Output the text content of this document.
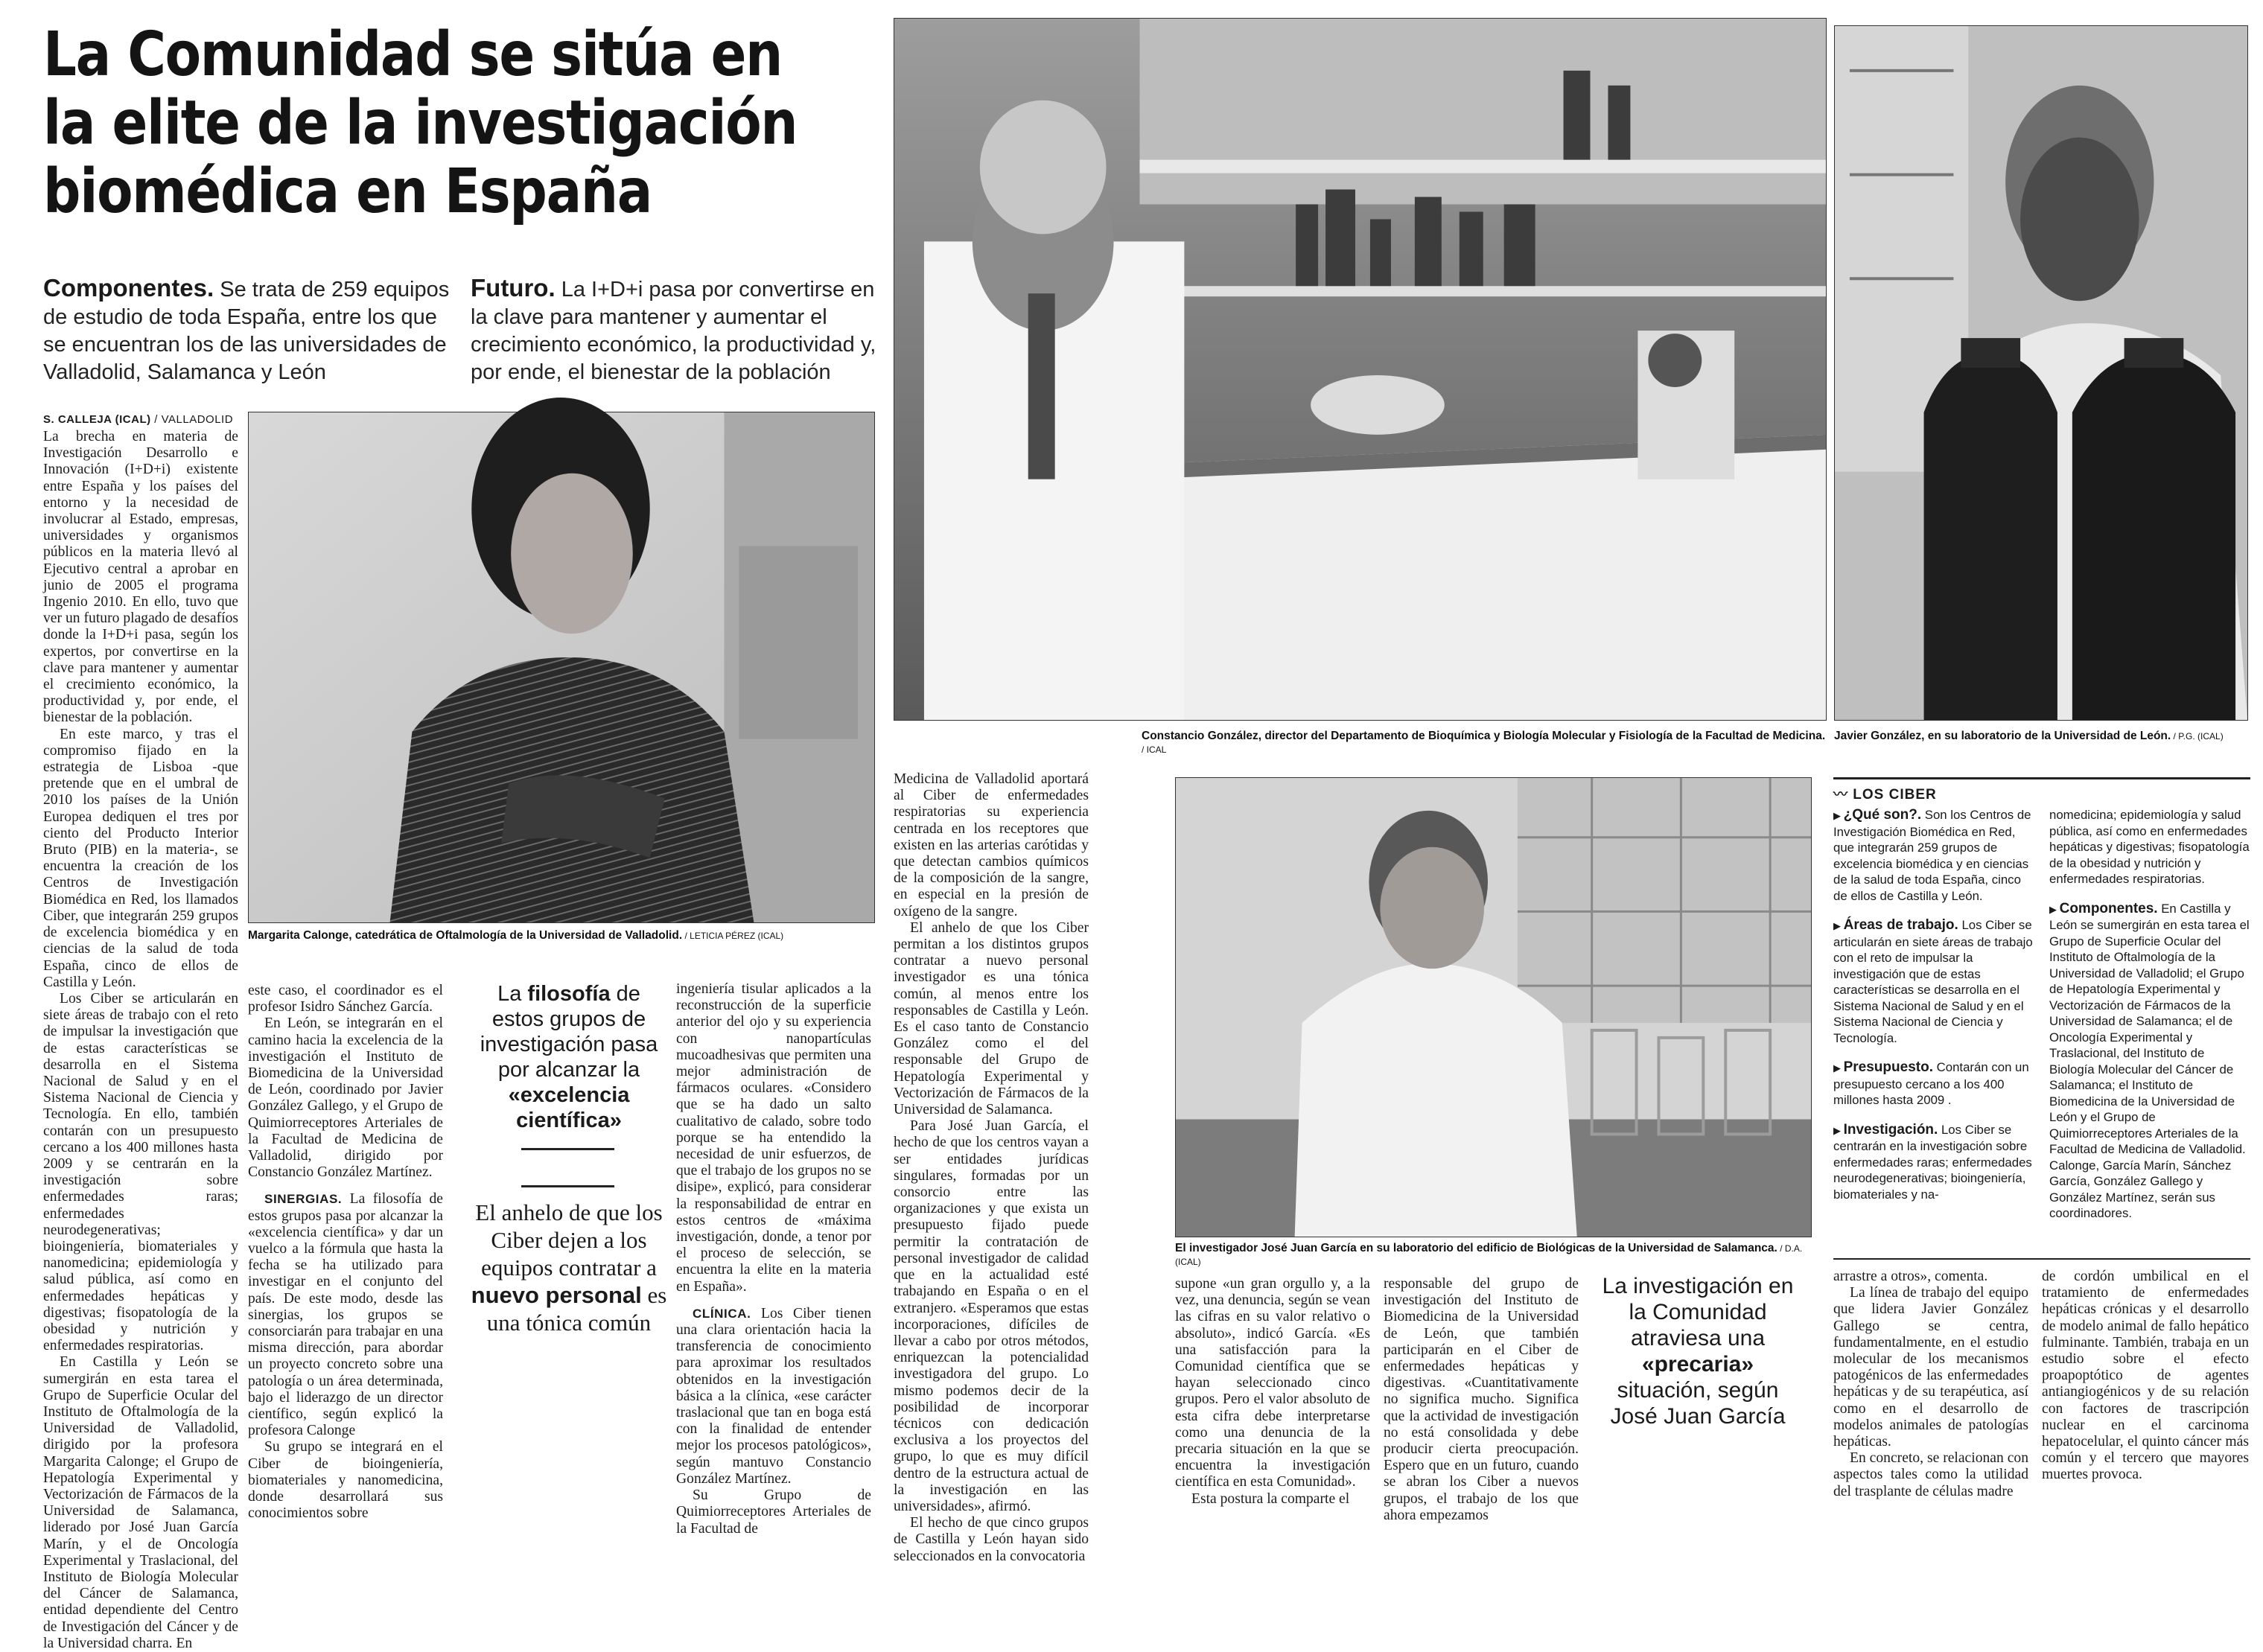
La Comunidad se sitúa en
la elite de la investigación
biomédica en España
Componentes. Se trata de 259 equipos de estudio de toda España, entre los que se encuentran los de las universidades de Valladolid, Salamanca y León
Futuro. La I+D+i pasa por convertirse en la clave para mantener y aumentar el crecimiento económico, la productividad y, por ende, el bienestar de la población
S. CALLEJA (ICAL) / VALLADOLID

La brecha en materia de Investigación Desarrollo e Innovación (I+D+i) existente entre España y los países del entorno y la necesidad de involucrar al Estado, empresas, universidades y organismos públicos en la materia llevó al Ejecutivo central a aprobar en junio de 2005 el programa Ingenio 2010. En ello, tuvo que ver un futuro plagado de desafíos donde la I+D+i pasa, según los expertos, por convertirse en la clave para mantener y aumentar el crecimiento económico, la productividad y, por ende, el bienestar de la población.

En este marco, y tras el compromiso fijado en la estrategia de Lisboa -que pretende que en el umbral de 2010 los países de la Unión Europea dediquen el tres por ciento del Producto Interior Bruto (PIB) en la materia-, se encuentra la creación de los Centros de Investigación Biomédica en Red, los llamados Ciber, que integrarán 259 grupos de excelencia biomédica y en ciencias de la salud de toda España, cinco de ellos de Castilla y León.

Los Ciber se articularán en siete áreas de trabajo con el reto de impulsar la investigación que de estas características se desarrolla en el Sistema Nacional de Salud y en el Sistema Nacional de Ciencia y Tecnología. En ello, también contarán con un presupuesto cercano a los 400 millones hasta 2009 y se centrarán en la investigación sobre enfermedades raras; enfermedades neurodegenerativas; bioingeniería, biomateriales y nanomedicina; epidemiología y salud pública, así como en enfermedades hepáticas y digestivas; fisopatología de la obesidad y nutrición y enfermedades respiratorias.

En Castilla y León se sumergirán en esta tarea el Grupo de Superficie Ocular del Instituto de Oftalmología de la Universidad de Valladolid, dirigido por la profesora Margarita Calonge; el Grupo de Hepatología Experimental y Vectorización de Fármacos de la Universidad de Salamanca, liderado por José Juan García Marín, y el de Oncología Experimental y Traslacional, del Instituto de Biología Molecular del Cáncer de Salamanca, entidad dependiente del Centro de Investigación del Cáncer y de la Universidad charra. En

Margarita Calonge, catedrática de Oftalmología de la Universidad de Valladolid. / LETICIA PÉREZ (ICAL)

este caso, el coordinador es el profesor Isidro Sánchez García.

En León, se integrarán en el camino hacia la excelencia de la investigación el Instituto de Biomedicina de la Universidad de León, coordinado por Javier González Gallego, y el Grupo de Quimiorreceptores Arteriales de la Facultad de Medicina de Valladolid, dirigido por Constancio González Martínez.

SINERGIAS. La filosofía de estos grupos pasa por alcanzar la «excelencia científica» y dar un vuelco a la fórmula que hasta la fecha se ha utilizado para investigar en el conjunto del país. De este modo, desde las sinergias, los grupos se consorciarán para trabajar en una misma dirección, para abordar un proyecto concreto sobre una patología o un área determinada, bajo el liderazgo de un director científico, según explicó la profesora Calonge

Su grupo se integrará en el Ciber de bioingeniería, biomateriales y nanomedicina, donde desarrollará sus conocimientos sobre

La filosofía de estos grupos de investigación pasa por alcanzar la «excelencia científica»
El anhelo de que los Ciber dejen a los equipos contratar a nuevo personal es una tónica común

ingeniería tisular aplicados a la reconstrucción de la superficie anterior del ojo y su experiencia con nanopartículas mucoadhesivas que permiten una mejor administración de fármacos oculares. «Considero que se ha dado un salto cualitativo de calado, sobre todo porque se ha entendido la necesidad de unir esfuerzos, de que el trabajo de los grupos no se disipe», explicó, para considerar la responsabilidad de entrar en estos centros de «máxima investigación, donde, a tenor por el proceso de selección, se encuentra la elite en la materia en España».

CLÍNICA. Los Ciber tienen una clara orientación hacia la transferencia de conocimiento para aproximar los resultados obtenidos en la investigación básica a la clínica, «ese carácter traslacional que tan en boga está con la finalidad de entender mejor los procesos patológicos», según mantuvo Constancio González Martínez.

Su Grupo de Quimiorreceptores Arteriales de la Facultad de

Constancio González, director del Departamento de Bioquímica y Biología Molecular y Fisiología de la Facultad de Medicina. / ICAL

Medicina de Valladolid aportará al Ciber de enfermedades respiratorias su experiencia centrada en los receptores que existen en las arterias carótidas y que detectan cambios químicos de la composición de la sangre, en especial en la presión de oxígeno de la sangre.

El anhelo de que los Ciber permitan a los distintos grupos contratar a nuevo personal investigador es una tónica común, al menos entre los responsables de Castilla y León. Es el caso tanto de Constancio González como el del responsable del Grupo de Hepatología Experimental y Vectorización de Fármacos de la Universidad de Salamanca.

Para José Juan García, el hecho de que los centros vayan a ser entidades jurídicas singulares, formadas por un consorcio entre las organizaciones y que exista un presupuesto fijado puede permitir la contratación de personal investigador de calidad que en la actualidad esté trabajando en España o en el extranjero. «Esperamos que estas incorporaciones, difíciles de llevar a cabo por otros métodos, enriquezcan la potencialidad investigadora del grupo. Lo mismo podemos decir de la posibilidad de incorporar técnicos con dedicación exclusiva a los proyectos del grupo, lo que es muy difícil dentro de la estructura actual de la investigación en las universidades», afirmó.

El hecho de que cinco grupos de Castilla y León hayan sido seleccionados en la convocatoria

El investigador José Juan García en su laboratorio del edificio de Biológicas de la Universidad de Salamanca. / D.A. (ICAL)

supone «un gran orgullo y, a la vez, una denuncia, según se vean las cifras en su valor relativo o absoluto», indicó García. «Es una satisfacción para la Comunidad científica que se hayan seleccionado cinco grupos. Pero el valor absoluto de esta cifra debe interpretarse como una denuncia de la precaria situación en la que se encuentra la investigación científica en esta Comunidad».

Esta postura la comparte el

responsable del grupo de investigación del Instituto de Biomedicina de la Universidad de León, que también participarán en el Ciber de enfermedades hepáticas y digestivas. «Cuantitativamente no significa mucho. Significa que la actividad de investigación no está consolidada y debe producir cierta preocupación. Espero que en un futuro, cuando se abran los Ciber a nuevos grupos, el trabajo de los que ahora empezamos

La investigación en la Comunidad atraviesa una «precaria» situación, según José Juan García
Javier González, en su laboratorio de la Universidad de León. / P.G. (ICAL)
〰 LOS CIBER

▶ ¿Qué son?. Son los Centros de Investigación Biomédica en Red, que integrarán 259 grupos de excelencia biomédica y en ciencias de la salud de toda España, cinco de ellos de Castilla y León.

▶ Áreas de trabajo. Los Ciber se articularán en siete áreas de trabajo con el reto de impulsar la investigación que de estas características se desarrolla en el Sistema Nacional de Salud y en el Sistema Nacional de Ciencia y Tecnología.

▶ Presupuesto. Contarán con un presupuesto cercano a los 400 millones hasta 2009 .

▶ Investigación. Los Ciber se centrarán en la investigación sobre enfermedades raras; enfermedades neurodegenerativas; bioingeniería, biomateriales y na-

nomedicina; epidemiología y salud pública, así como en enfermedades hepáticas y digestivas; fisopatología de la obesidad y nutrición y enfermedades respiratorias.

▶ Componentes. En Castilla y León se sumergirán en esta tarea el Grupo de Superficie Ocular del Instituto de Oftalmología de la Universidad de Valladolid; el Grupo de Hepatología Experimental y Vectorización de Fármacos de la Universidad de Salamanca; el de Oncología Experimental y Traslacional, del Instituto de Biología Molecular del Cáncer de Salamanca; el Instituto de Biomedicina de la Universidad de León y el Grupo de Quimiorreceptores Arteriales de la Facultad de Medicina de Valladolid. Calonge, García Marín, Sánchez García, González Gallego y González Martínez, serán sus coordinadores.

arrastre a otros», comenta.

La línea de trabajo del equipo que lidera Javier González Gallego se centra, fundamentalmente, en el estudio molecular de los mecanismos patogénicos de las enfermedades hepáticas y de su terapéutica, así como en el desarrollo de modelos animales de patologías hepáticas.

En concreto, se relacionan con aspectos tales como la utilidad del trasplante de células madre

de cordón umbilical en el tratamiento de enfermedades hepáticas crónicas y el desarrollo de modelo animal de fallo hepático fulminante. También, trabaja en un estudio sobre el efecto proapoptótico de agentes antiangiogénicos y de su relación con factores de trascripción nuclear en el carcinoma hepatocelular, el quinto cáncer más común y el tercero que mayores muertes provoca.
